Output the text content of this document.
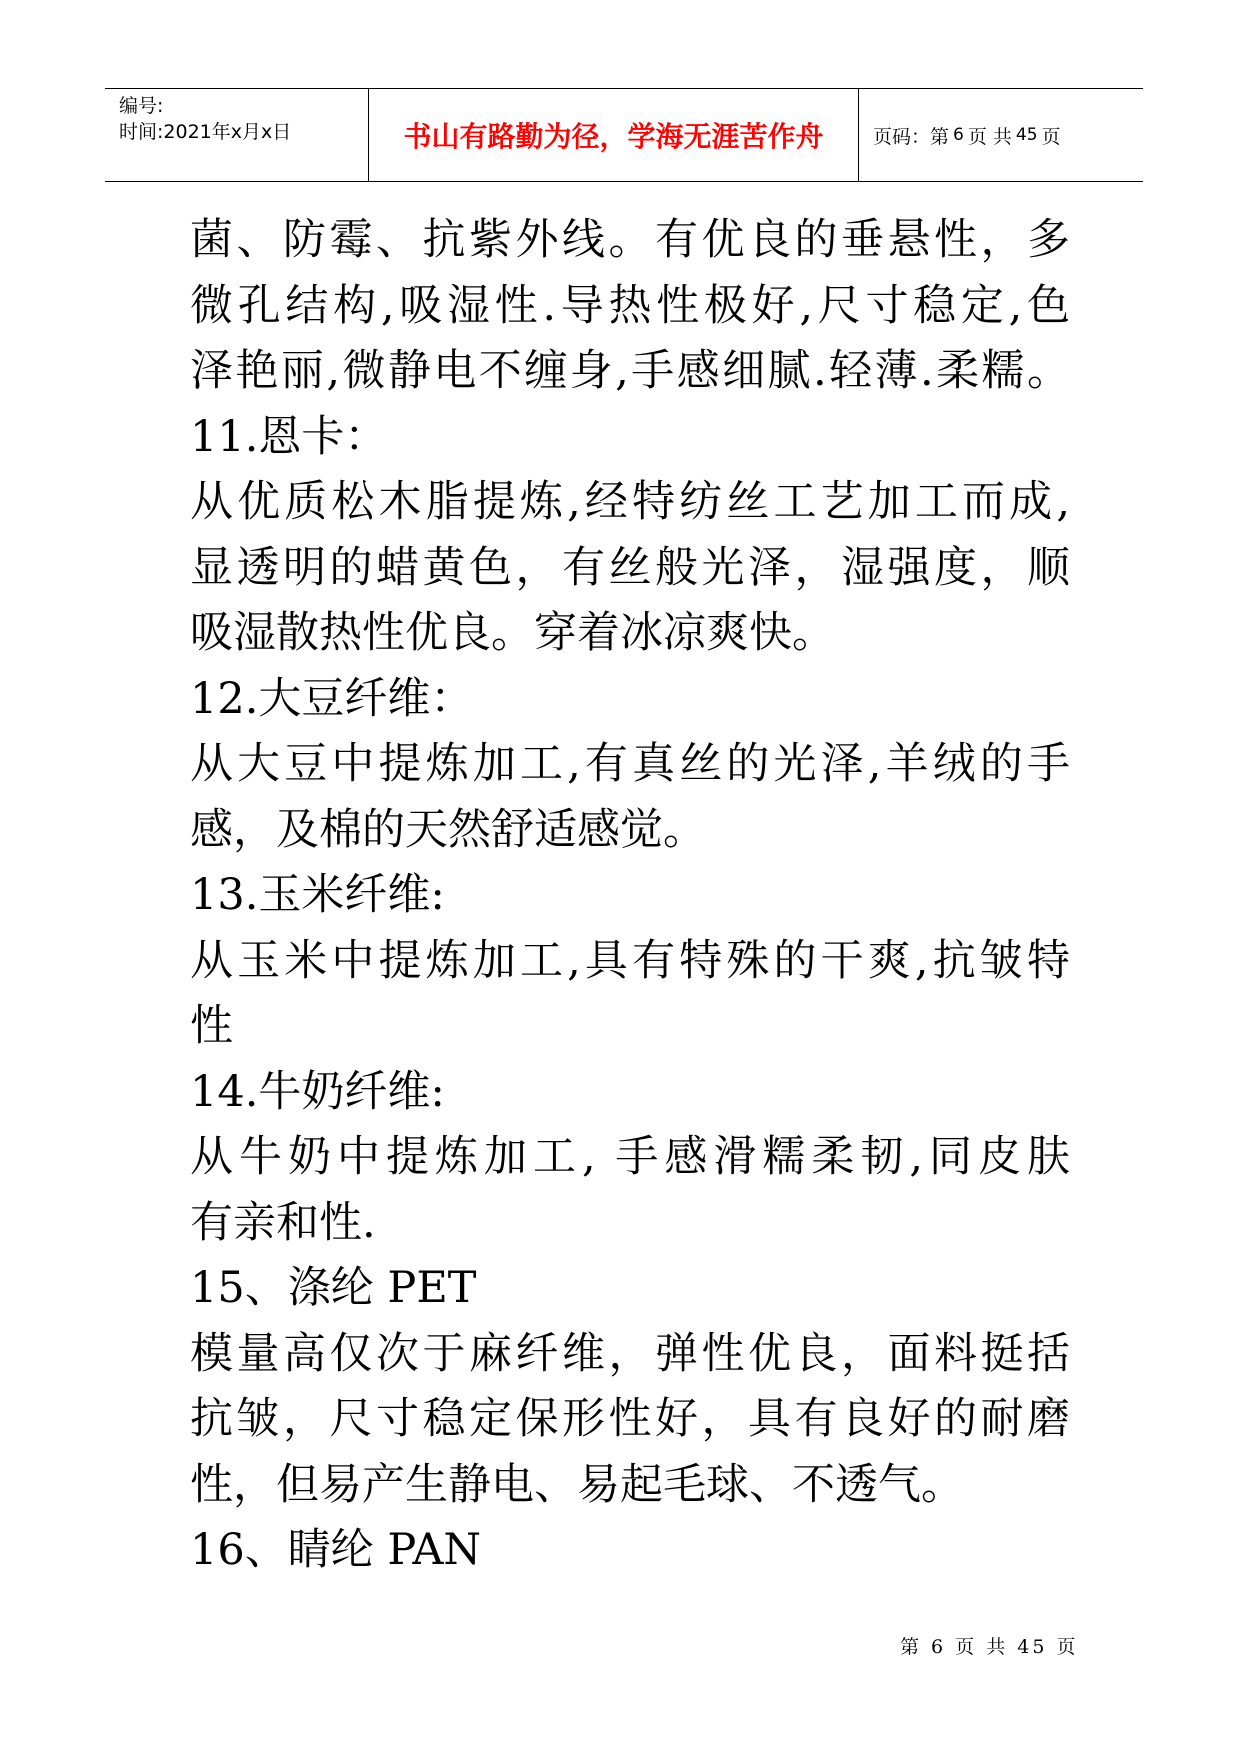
编号:
时间:2021年x月x日	书山有路勤为径，学海无涯苦作舟	页码：第 6 页 共 45 页
菌、防霉、抗紫外线。有优良的垂悬性，多
微孔结构,吸湿性.导热性极好,尺寸稳定,色
泽艳丽,微静电不缠身,手感细腻.轻薄.柔糯。
11.恩卡：
从优质松木脂提炼,经特纺丝工艺加工而成,
显透明的蜡黄色，有丝般光泽，湿强度，顺
吸湿散热性优良。穿着冰凉爽快。
12.大豆纤维：
从大豆中提炼加工,有真丝的光泽,羊绒的手
感，及棉的天然舒适感觉。
13.玉米纤维:
从玉米中提炼加工,具有特殊的干爽,抗皱特
性
14.牛奶纤维:
从牛奶中提炼加工, 手感滑糯柔韧,同皮肤
有亲和性.
15、涤纶 PET
模量高仅次于麻纤维，弹性优良，面料挺括
抗皱，尺寸稳定保形性好，具有良好的耐磨
性，但易产生静电、易起毛球、不透气。
16、睛纶 PAN
第 6 页 共 45 页
